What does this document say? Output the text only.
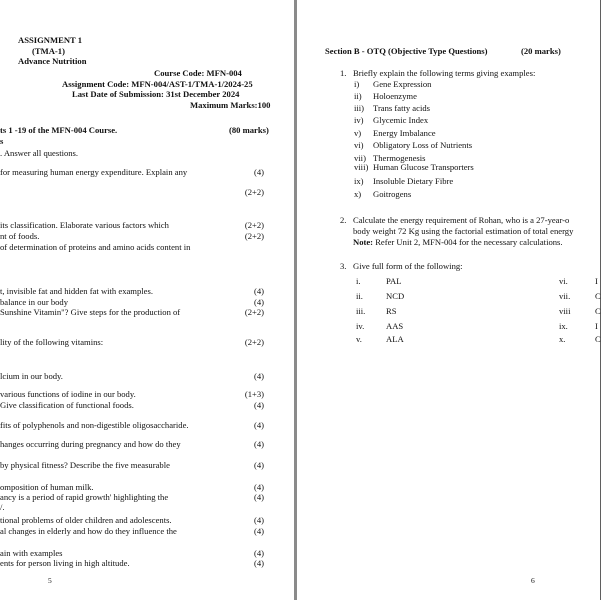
ASSIGNMENT 1
(TMA-1)
Advance Nutrition
Course Code: MFN-004
Assignment Code: MFN-004/AST-1/TMA-1/2024-25
Last Date of Submission: 31st December 2024
Maximum Marks:100
ts 1 -19 of the MFN-004 Course.	(80 marks)
s
. Answer all questions.
for measuring human energy expenditure. Explain any	(4)
(2+2)
its classification. Elaborate various factors which	(2+2)
nt of foods.	(2+2)
of determination of proteins and amino acids content in
t, invisible fat and hidden fat with examples.	(4)
balance in our body	(4)
Sunshine Vitamin"? Give steps for the production of	(2+2)
lity of the following vitamins:	(2+2)
lcium in our body.	(4)
various functions of iodine in our body.	(1+3)
Give classification of functional foods.	(4)
fits of polyphenols and non-digestible oligosaccharide.	(4)
hanges occurring during pregnancy and how do they	(4)
by physical fitness? Describe the five measurable	(4)
omposition of human milk.	(4)
ancy is a period of rapid growth' highlighting the	(4)
/.
tional problems of older children and adolescents.	(4)
al changes in elderly and how do they influence the	(4)
ain with examples	(4)
ents for person living in high altitude.	(4)
5
Section B - OTQ (Objective Type Questions)	(20 marks)
1. Briefly explain the following terms giving examples:
i) Gene Expression
ii) Holoenzyme
iii) Trans fatty acids
iv) Glycemic Index
v) Energy Imbalance
vi) Obligatory Loss of Nutrients
vii) Thermogenesis
viii) Human Glucose Transporters
ix) Insoluble Dietary Fibre
x) Goitrogens
2. Calculate the energy requirement of Rohan, who is a 27-year-o
body weight 72 Kg using the factorial estimation of total energy
Note: Refer Unit 2, MFN-004 for the necessary calculations.
3. Give full form of the following:
i.	PAL	vi.	I
ii.	NCD	vii.	C
iii. RS	viii	C
iv.	AAS	ix.	I
v.	ALA	x.	C
6
